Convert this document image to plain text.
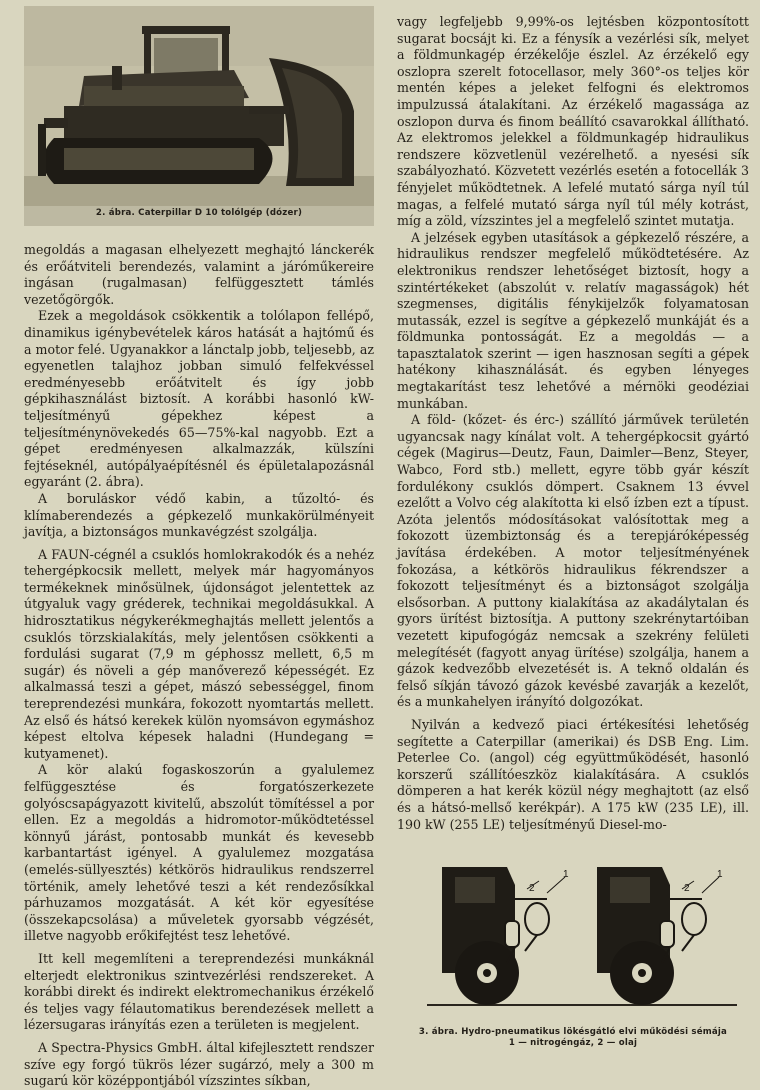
2. ábra. Caterpillar D 10 tolólgép (dózer)

megoldás a magasan elhelyezett meghajtó lánckerék és erőátviteli berendezés, valamint a járóműkereire ingásan (rugalmasan) felfüggesztett támlés vezetőgörgők.

Ezek a megoldások csökkentik a tolólapon fellépő, dinamikus igénybevételek káros hatását a hajtómű és a motor felé. Ugyanakkor a lánctalp jobb, teljesebb, az egyenetlen talajhoz jobban simuló felfekvéssel eredményesebb erőátvitelt és így jobb gépkihasználást biztosít. A korábbi hasonló kW-teljesítményű gépekhez képest a teljesítménynövekedés 65—75%-kal nagyobb. Ezt a gépet eredményesen alkalmazzák, külszíni fejtéseknél, autópályaépítésnél és épületalapozásnál egyaránt (2. ábra).

A boruláskor védő kabin, a tűzoltó- és klímaberendezés a gépkezelő munkakörülményeit javítja, a biztonságos munkavégzést szolgálja.

A FAUN-cégnél a csuklós homlokrakodók és a nehéz tehergépkocsik mellett, melyek már hagyományos termékeknek minősülnek, újdonságot jelentettek az útgyaluk vagy gréderek, technikai megoldásukkal. A hidrosztatikus négykerékmeghajtás mellett jelentős a csuklós törzskialakítás, mely jelentősen csökkenti a fordulási sugarat (7,9 m géphossz mellett, 6,5 m sugár) és növeli a gép manőverező képességét. Ez alkalmassá teszi a gépet, mászó sebességgel, finom tereprendezési munkára, fokozott nyomtartás mellett. Az első és hátsó kerekek külön nyomsávon egymáshoz képest eltolva képesek haladni (Hundegang = kutyamenet).

A kör alakú fogaskoszorún a gyalulemez felfüggesztése és forgatószerkezete golyóscsapágyazott kivitelű, abszolút tömítéssel a por ellen. Ez a megoldás a hidromotor-működtetéssel könnyű járást, pontosabb munkát és kevesebb karbantartást igényel. A gyalulemez mozgatása (emelés-süllyesztés) kétkörös hidraulikus rendszerrel történik, amely lehetővé teszi a két rendezősíkkal párhuzamos mozgatását. A két kör egyesítése (összekapcsolása) a műveletek gyorsabb végzését, illetve nagyobb erőkifejtést tesz lehetővé.

Itt kell megemlíteni a tereprendezési munkáknál elterjedt elektronikus szintvezérlési rendszereket. A korábbi direkt és indirekt elektromechanikus érzékelő és teljes vagy félautomatikus berendezések mellett a lézersugaras irányítás ezen a területen is megjelent.

A Spectra-Physics GmbH. által kifejlesztett rendszer szíve egy forgó tükrös lézer sugárzó, mely a 300 m sugarú kör középpontjából vízszintes síkban,

vagy legfeljebb 9,99%-os lejtésben központosított sugarat bocsájt ki. Ez a fénysík a vezérlési sík, melyet a földmunkagép érzékelője észlel. Az érzékelő egy oszlopra szerelt fotocellasor, mely 360°-os teljes kör mentén képes a jeleket felfogni és elektromos impulzussá átalakítani. Az érzékelő magassága az oszlopon durva és finom beállító csavarokkal állítható. Az elektromos jelekkel a földmunkagép hidraulikus rendszere közvetlenül vezérelhető. a nyesési sík szabályozható. Közvetett vezérlés esetén a fotocellák 3 fényjelet működtetnek. A lefelé mutató sárga nyíl túl magas, a felfelé mutató sárga nyíl túl mély kotrást, míg a zöld, vízszintes jel a megfelelő szintet mutatja.

A jelzések egyben utasítások a gépkezelő részére, a hidraulikus rendszer megfelelő működtetésére. Az elektronikus rendszer lehetőséget biztosít, hogy a szintértékeket (abszolút v. relatív magasságok) hét szegmenses, digitális fénykijelzők folyamatosan mutassák, ezzel is segítve a gépkezelő munkáját és a földmunka pontosságát. Ez a megoldás — a tapasztalatok szerint — igen hasznosan segíti a gépek hatékony kihasználását. és egyben lényeges megtakarítást tesz lehetővé a mérnöki geodéziai munkában.

A föld- (kőzet- és érc-) szállító járművek területén ugyancsak nagy kínálat volt. A tehergépkocsit gyártó cégek (Magirus—Deutz, Faun, Daimler—Benz, Steyer, Wabco, Ford stb.) mellett, egyre több gyár készít fordulékony csuklós dömpert. Csaknem 13 évvel ezelőtt a Volvo cég alakította ki első ízben ezt a típust. Azóta jelentős módosításokat valósítottak meg a fokozott üzembiztonság és a terepjáróképesség javítása érdekében. A motor teljesítményének fokozása, a kétkörös hidraulikus fékrendszer a fokozott teljesítményt és a biztonságot szolgálja elsősorban. A puttony kialakítása az akadálytalan és gyors ürítést biztosítja. A puttony szekrénytartóiban vezetett kipufogógáz nemcsak a szekrény felületi melegítését (fagyott anyag ürítése) szolgálja, hanem a gázok kedvezőbb elvezetését is. A teknő oldalán és felső síkján távozó gázok kevésbé zavarják a kezelőt, és a munkahelyen irányító dolgozókat.

Nyilván a kedvező piaci értékesítési lehetőség segítette a Caterpillar (amerikai) és DSB Eng. Lim. Peterlee Co. (angol) cég együttműködését, hasonló korszerű szállítóeszköz kialakítására. A csuklós dömperen a hat kerék közül négy meghajtott (az első és a hátsó-mellső kerékpár). A 175 kW (235 LE), ill. 190 kW (255 LE) teljesítményű Diesel-mo-

2
1
2
1
3. ábra. Hydro-pneumatikus lökésgátló elvi működési sémája
1 — nitrogéngáz, 2 — olaj
